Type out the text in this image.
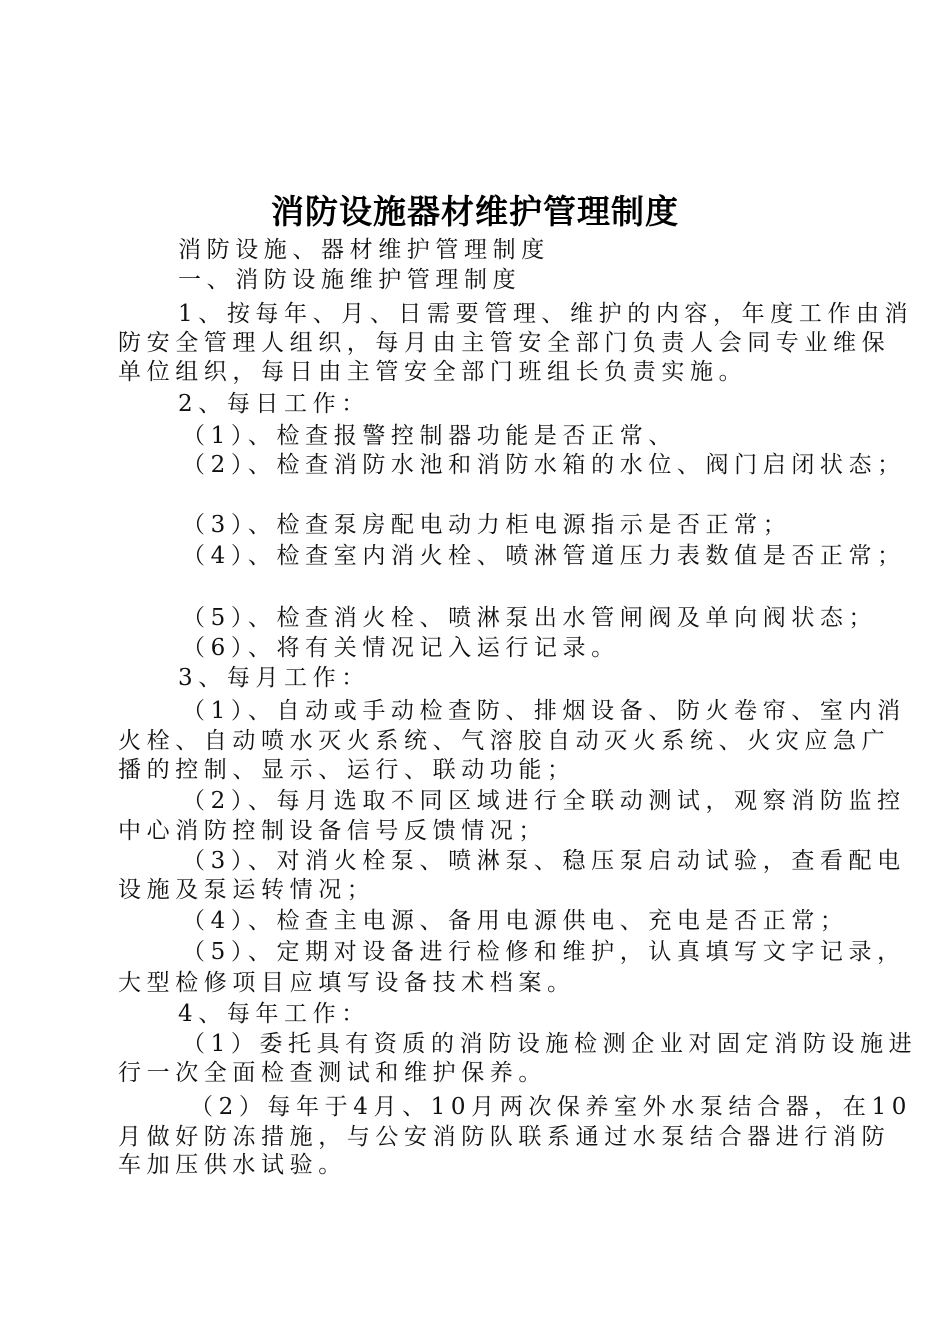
消防设施器材维护管理制度
消防设施、器材维护管理制度
一、消防设施维护管理制度
1、按每年、月、日需要管理、维护的内容，年度工作由消
防安全管理人组织，每月由主管安全部门负责人会同专业维保
单位组织，每日由主管安全部门班组长负责实施。
2、每日工作：
（1）、检查报警控制器功能是否正常、
（2）、检查消防水池和消防水箱的水位、阀门启闭状态；
（3）、检查泵房配电动力柜电源指示是否正常；
（4）、检查室内消火栓、喷淋管道压力表数值是否正常；
（5）、检查消火栓、喷淋泵出水管闸阀及单向阀状态；
（6）、将有关情况记入运行记录。
3、每月工作：
（1）、自动或手动检查防、排烟设备、防火卷帘、室内消
火栓、自动喷水灭火系统、气溶胶自动灭火系统、火灾应急广
播的控制、显示、运行、联动功能；
（2）、每月选取不同区域进行全联动测试，观察消防监控
中心消防控制设备信号反馈情况；
（3）、对消火栓泵、喷淋泵、稳压泵启动试验，查看配电
设施及泵运转情况；
（4）、检查主电源、备用电源供电、充电是否正常；
（5）、定期对设备进行检修和维护，认真填写文字记录，
大型检修项目应填写设备技术档案。
4、每年工作：
（1）委托具有资质的消防设施检测企业对固定消防设施进
行一次全面检查测试和维护保养。
（2）每年于4月、10月两次保养室外水泵结合器，在10
月做好防冻措施，与公安消防队联系通过水泵结合器进行消防
车加压供水试验。
